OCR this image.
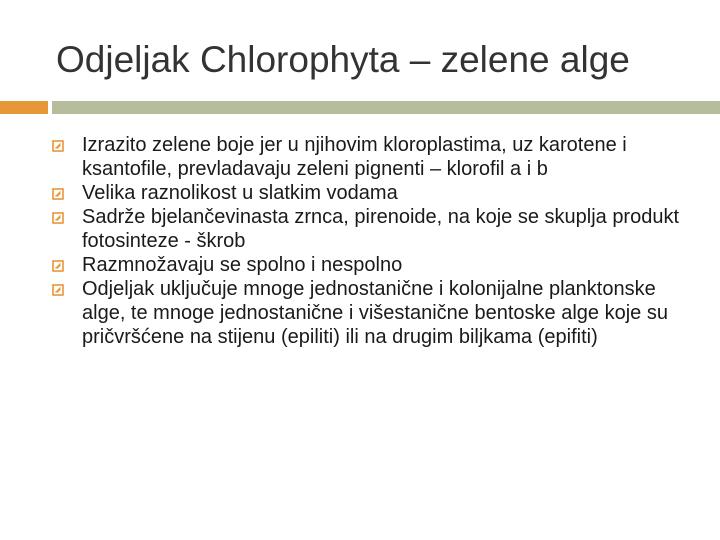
Odjeljak Chlorophyta – zelene alge
Izrazito zelene boje jer u njihovim kloroplastima, uz karotene i ksantofile, prevladavaju zeleni pignenti – klorofil a i b
Velika raznolikost u slatkim vodama
Sadrže bjelančevinasta zrnca, pirenoide, na koje se skuplja produkt fotosinteze - škrob
Razmnožavaju se spolno i nespolno
Odjeljak uključuje mnoge jednostanične i kolonijalne planktonske alge, te mnoge jednostanične i višestanične bentoske alge koje su pričvršćene na stijenu (epiliti) ili na drugim biljkama (epifiti)
